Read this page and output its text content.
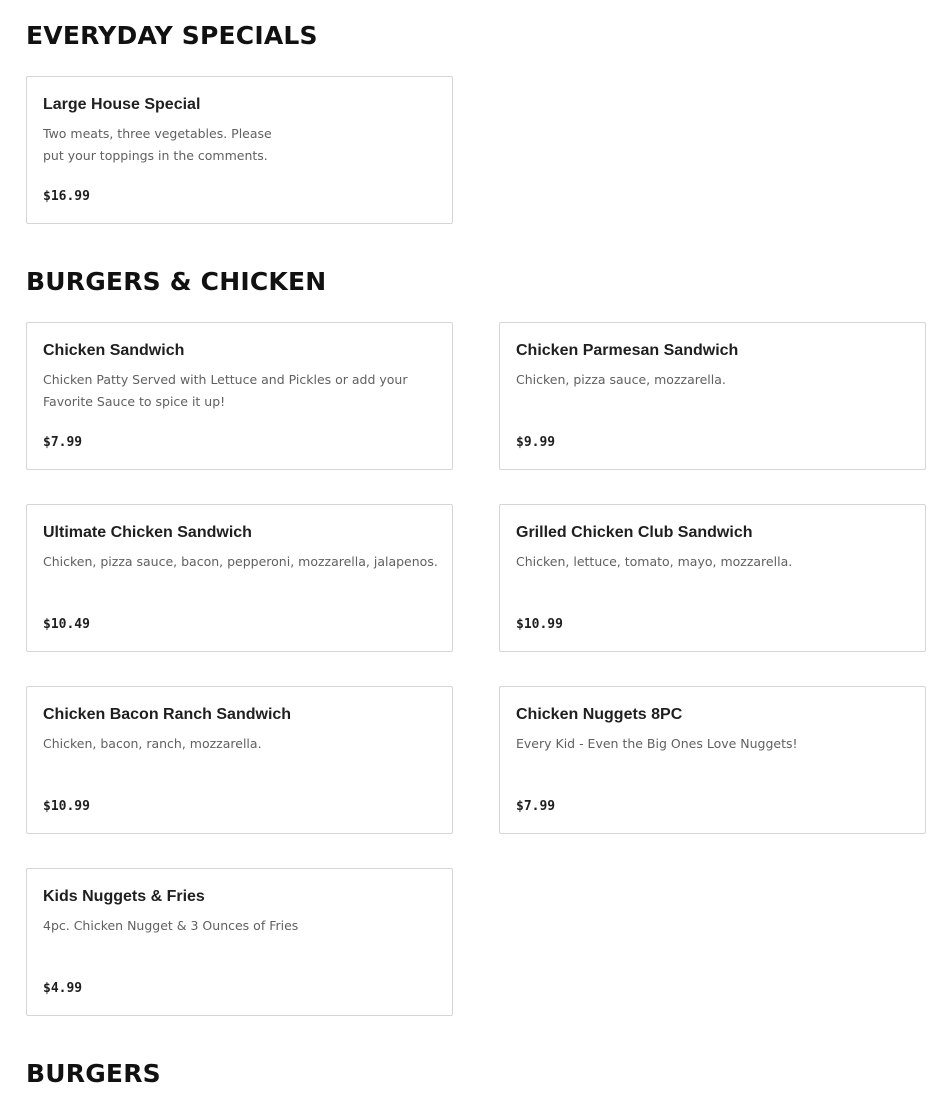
EVERYDAY SPECIALS
Large House Special
Two meats, three vegetables. Please put your toppings in the comments.
$16.99
BURGERS & CHICKEN
Chicken Sandwich
Chicken Patty Served with Lettuce and Pickles or add your Favorite Sauce to spice it up!
$7.99
Chicken Parmesan Sandwich
Chicken, pizza sauce, mozzarella.
$9.99
Ultimate Chicken Sandwich
Chicken, pizza sauce, bacon, pepperoni, mozzarella, jalapenos.
$10.49
Grilled Chicken Club Sandwich
Chicken, lettuce, tomato, mayo, mozzarella.
$10.99
Chicken Bacon Ranch Sandwich
Chicken, bacon, ranch, mozzarella.
$10.99
Chicken Nuggets 8PC
Every Kid - Even the Big Ones Love Nuggets!
$7.99
Kids Nuggets & Fries
4pc. Chicken Nugget & 3 Ounces of Fries
$4.99
BURGERS
